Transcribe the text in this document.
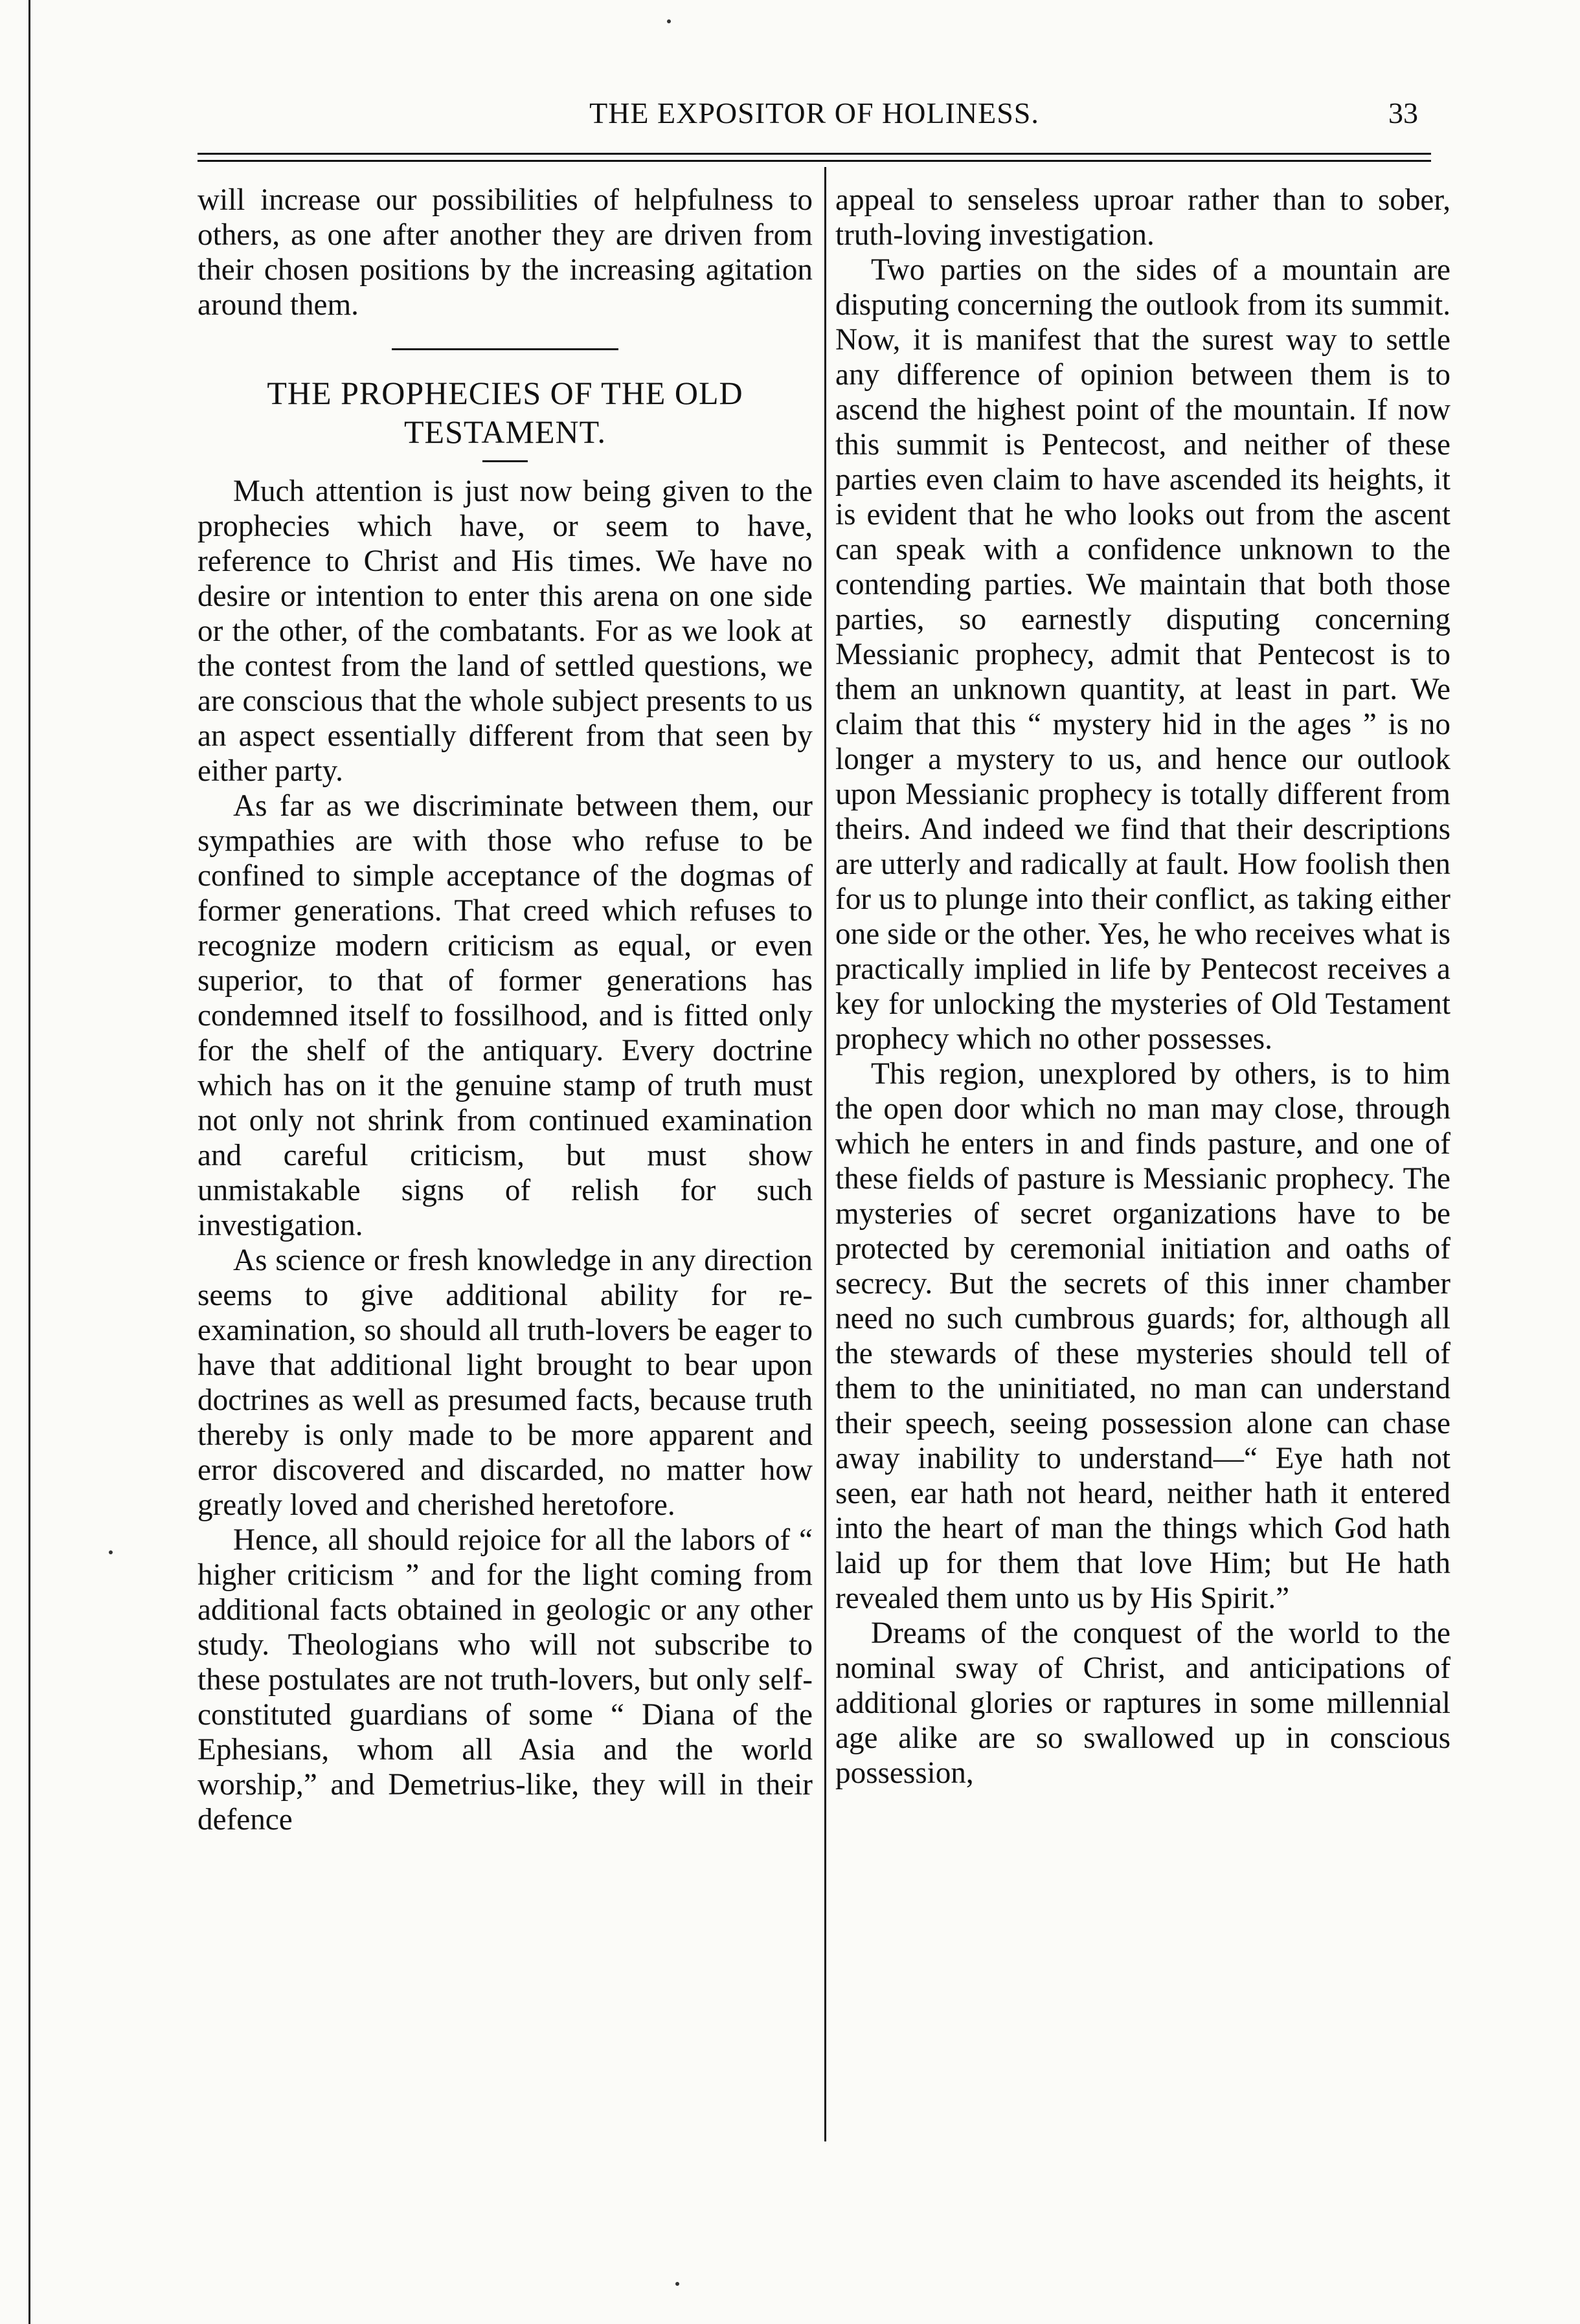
THE EXPOSITOR OF HOLINESS.	33

will increase our possibilities of helpfulness to others, as one after another they are driven from their chosen positions by the increasing agitation around them.

THE PROPHECIES OF THE OLD TESTAMENT.

Much attention is just now being given to the prophecies which have, or seem to have, reference to Christ and His times. We have no desire or intention to enter this arena on one side or the other, of the combatants. For as we look at the contest from the land of settled questions, we are conscious that the whole subject presents to us an aspect essentially different from that seen by either party.

As far as we discriminate between them, our sympathies are with those who refuse to be confined to simple acceptance of the dogmas of former generations. That creed which refuses to recognize modern criticism as equal, or even superior, to that of former generations has condemned itself to fossilhood, and is fitted only for the shelf of the antiquary. Every doctrine which has on it the genuine stamp of truth must not only not shrink from continued examination and careful criticism, but must show unmistakable signs of relish for such investigation.

As science or fresh knowledge in any direction seems to give additional ability for re-examination, so should all truth-lovers be eager to have that additional light brought to bear upon doctrines as well as presumed facts, because truth thereby is only made to be more apparent and error discovered and discarded, no matter how greatly loved and cherished heretofore.

Hence, all should rejoice for all the labors of “ higher criticism ” and for the light coming from additional facts obtained in geologic or any other study. Theologians who will not subscribe to these postulates are not truth-lovers, but only self-constituted guardians of some “ Diana of the Ephesians, whom all Asia and the world worship,” and Demetrius-like, they will in their defence

appeal to senseless uproar rather than to sober, truth-loving investigation.

Two parties on the sides of a mountain are disputing concerning the outlook from its summit. Now, it is manifest that the surest way to settle any difference of opinion between them is to ascend the highest point of the mountain. If now this summit is Pentecost, and neither of these parties even claim to have ascended its heights, it is evident that he who looks out from the ascent can speak with a confidence unknown to the contending parties. We maintain that both those parties, so earnestly disputing concerning Messianic prophecy, admit that Pentecost is to them an unknown quantity, at least in part. We claim that this “ mystery hid in the ages ” is no longer a mystery to us, and hence our outlook upon Messianic prophecy is totally different from theirs. And indeed we find that their descriptions are utterly and radically at fault. How foolish then for us to plunge into their conflict, as taking either one side or the other. Yes, he who receives what is practically implied in life by Pentecost receives a key for unlocking the mysteries of Old Testament prophecy which no other possesses.

This region, unexplored by others, is to him the open door which no man may close, through which he enters in and finds pasture, and one of these fields of pasture is Messianic prophecy. The mysteries of secret organizations have to be protected by ceremonial initiation and oaths of secrecy. But the secrets of this inner chamber need no such cumbrous guards; for, although all the stewards of these mysteries should tell of them to the uninitiated, no man can understand their speech, seeing possession alone can chase away inability to understand—“ Eye hath not seen, ear hath not heard, neither hath it entered into the heart of man the things which God hath laid up for them that love Him; but He hath revealed them unto us by His Spirit.”

Dreams of the conquest of the world to the nominal sway of Christ, and anticipations of additional glories or raptures in some millennial age alike are so swallowed up in conscious possession,
